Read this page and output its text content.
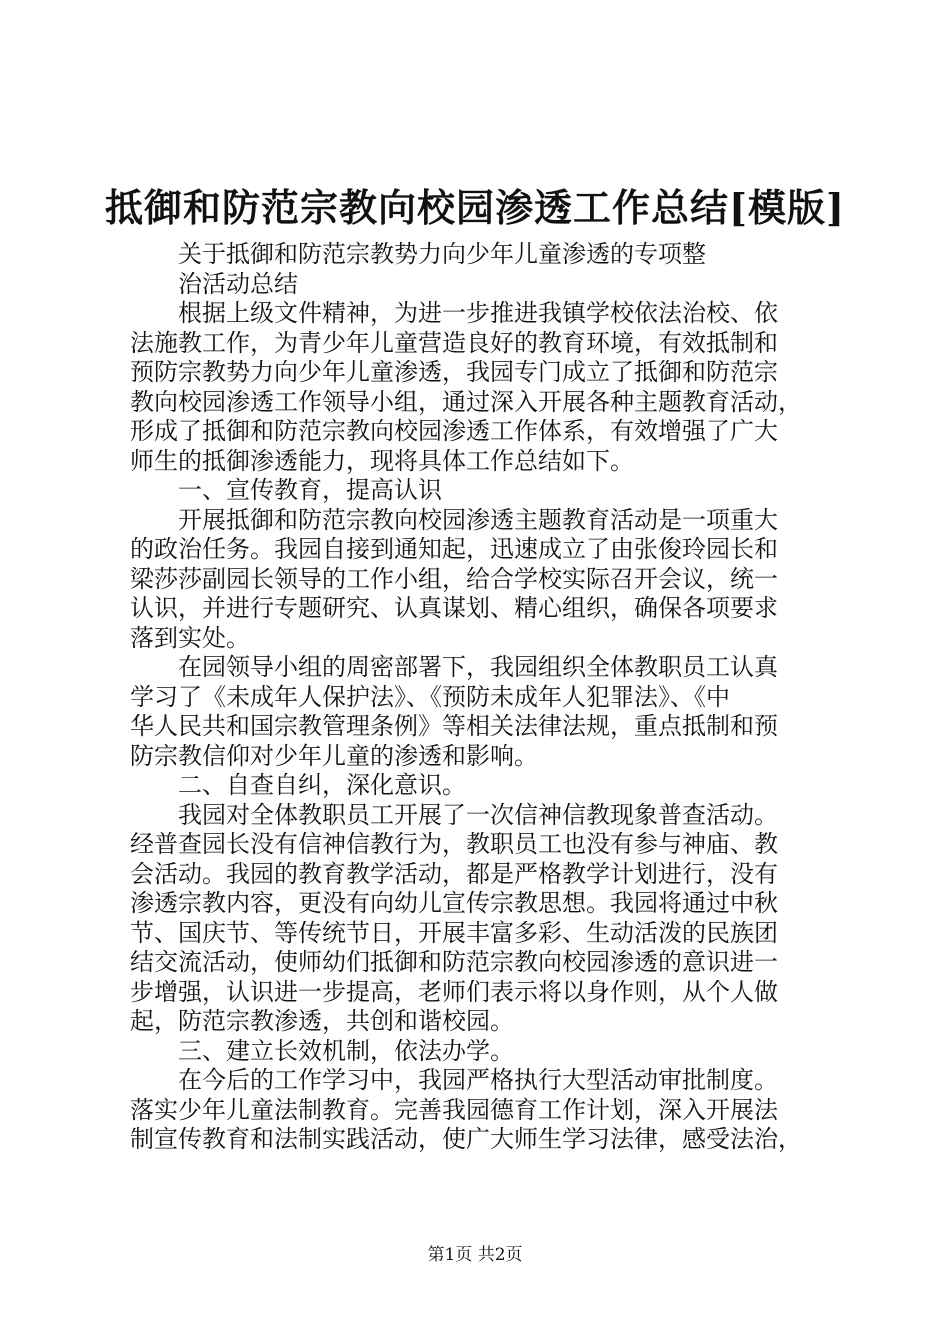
抵御和防范宗教向校园渗透工作总结[模版]
关于抵御和防范宗教势力向少年儿童渗透的专项整
治活动总结
根据上级文件精神，为进一步推进我镇学校依法治校、依
法施教工作，为青少年儿童营造良好的教育环境，有效抵制和
预防宗教势力向少年儿童渗透，我园专门成立了抵御和防范宗
教向校园渗透工作领导小组，通过深入开展各种主题教育活动，
形成了抵御和防范宗教向校园渗透工作体系，有效增强了广大
师生的抵御渗透能力，现将具体工作总结如下。
一、宣传教育，提高认识
开展抵御和防范宗教向校园渗透主题教育活动是一项重大
的政治任务。我园自接到通知起，迅速成立了由张俊玲园长和
梁莎莎副园长领导的工作小组，给合学校实际召开会议，统一
认识，并进行专题研究、认真谋划、精心组织，确保各项要求
落到实处。
在园领导小组的周密部署下，我园组织全体教职员工认真
学习了《未成年人保护法》、《预防未成年人犯罪法》、《中
华人民共和国宗教管理条例》等相关法律法规，重点抵制和预
防宗教信仰对少年儿童的渗透和影响。
二、自查自纠，深化意识。
我园对全体教职员工开展了一次信神信教现象普查活动。
经普查园长没有信神信教行为，教职员工也没有参与神庙、教
会活动。我园的教育教学活动，都是严格教学计划进行，没有
渗透宗教内容，更没有向幼儿宣传宗教思想。我园将通过中秋
节、国庆节、等传统节日，开展丰富多彩、生动活泼的民族团
结交流活动，使师幼们抵御和防范宗教向校园渗透的意识进一
步增强，认识进一步提高，老师们表示将以身作则，从个人做
起，防范宗教渗透，共创和谐校园。
三、建立长效机制，依法办学。
在今后的工作学习中，我园严格执行大型活动审批制度。
落实少年儿童法制教育。完善我园德育工作计划，深入开展法
制宣传教育和法制实践活动，使广大师生学习法律，感受法治，
第1页 共2页
